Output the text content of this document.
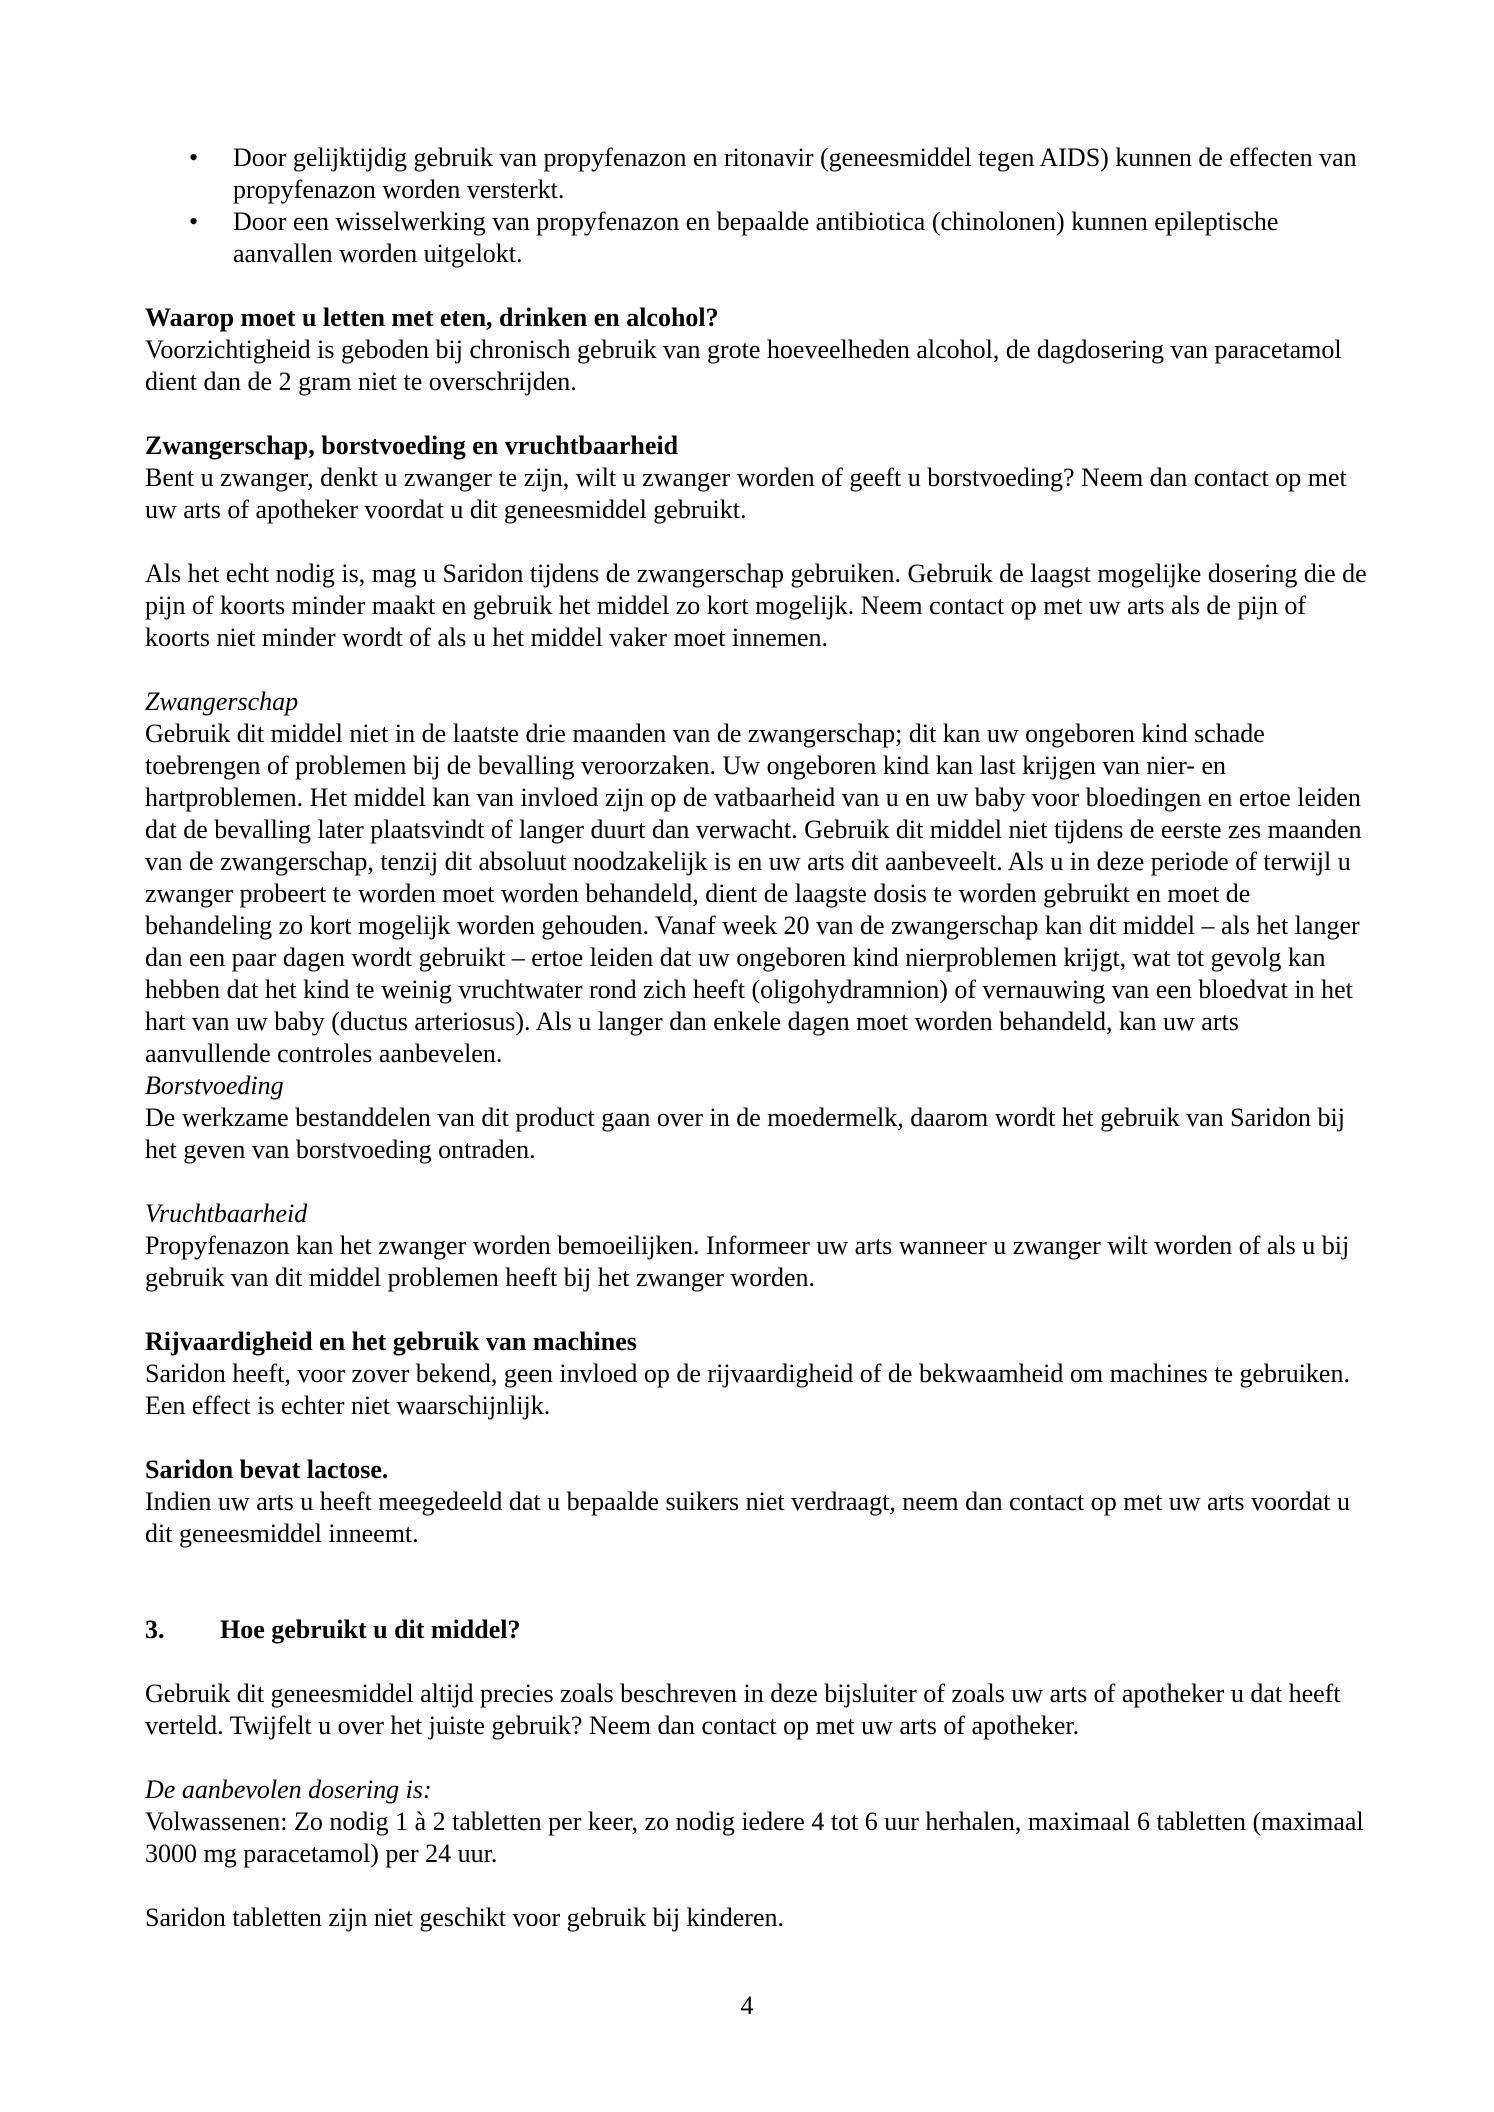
• Door gelijktijdig gebruik van propyfenazon en ritonavir (geneesmiddel tegen AIDS) kunnen de effecten van propyfenazon worden versterkt.
• Door een wisselwerking van propyfenazon en bepaalde antibiotica (chinolonen) kunnen epileptische aanvallen worden uitgelokt.
Waarop moet u letten met eten, drinken en alcohol?
Voorzichtigheid is geboden bij chronisch gebruik van grote hoeveelheden alcohol, de dagdosering van paracetamol dient dan de 2 gram niet te overschrijden.
Zwangerschap, borstvoeding en vruchtbaarheid
Bent u zwanger, denkt u zwanger te zijn, wilt u zwanger worden of geeft u borstvoeding? Neem dan contact op met uw arts of apotheker voordat u dit geneesmiddel gebruikt.
Als het echt nodig is, mag u Saridon tijdens de zwangerschap gebruiken. Gebruik de laagst mogelijke dosering die de pijn of koorts minder maakt en gebruik het middel zo kort mogelijk. Neem contact op met uw arts als de pijn of koorts niet minder wordt of als u het middel vaker moet innemen.
Zwangerschap
Gebruik dit middel niet in de laatste drie maanden van de zwangerschap; dit kan uw ongeboren kind schade toebrengen of problemen bij de bevalling veroorzaken. Uw ongeboren kind kan last krijgen van nier- en hartproblemen. Het middel kan van invloed zijn op de vatbaarheid van u en uw baby voor bloedingen en ertoe leiden dat de bevalling later plaatsvindt of langer duurt dan verwacht. Gebruik dit middel niet tijdens de eerste zes maanden van de zwangerschap, tenzij dit absoluut noodzakelijk is en uw arts dit aanbeveelt. Als u in deze periode of terwijl u zwanger probeert te worden moet worden behandeld, dient de laagste dosis te worden gebruikt en moet de behandeling zo kort mogelijk worden gehouden. Vanaf week 20 van de zwangerschap kan dit middel – als het langer dan een paar dagen wordt gebruikt – ertoe leiden dat uw ongeboren kind nierproblemen krijgt, wat tot gevolg kan hebben dat het kind te weinig vruchtwater rond zich heeft (oligohydramnion) of vernauwing van een bloedvat in het hart van uw baby (ductus arteriosus). Als u langer dan enkele dagen moet worden behandeld, kan uw arts aanvullende controles aanbevelen.
Borstvoeding
De werkzame bestanddelen van dit product gaan over in de moedermelk, daarom wordt het gebruik van Saridon bij het geven van borstvoeding ontraden.
Vruchtbaarheid
Propyfenazon kan het zwanger worden bemoeilijken. Informeer uw arts wanneer u zwanger wilt worden of als u bij gebruik van dit middel problemen heeft bij het zwanger worden.
Rijvaardigheid en het gebruik van machines
Saridon heeft, voor zover bekend, geen invloed op de rijvaardigheid of de bekwaamheid om machines te gebruiken. Een effect is echter niet waarschijnlijk.
Saridon bevat lactose.
Indien uw arts u heeft meegedeeld dat u bepaalde suikers niet verdraagt, neem dan contact op met uw arts voordat u dit geneesmiddel inneemt.
3. Hoe gebruikt u dit middel?
Gebruik dit geneesmiddel altijd precies zoals beschreven in deze bijsluiter of zoals uw arts of apotheker u dat heeft verteld. Twijfelt u over het juiste gebruik? Neem dan contact op met uw arts of apotheker.
De aanbevolen dosering is:
Volwassenen: Zo nodig 1 à 2 tabletten per keer, zo nodig iedere 4 tot 6 uur herhalen, maximaal 6 tabletten (maximaal 3000 mg paracetamol) per 24 uur.
Saridon tabletten zijn niet geschikt voor gebruik bij kinderen.
4
